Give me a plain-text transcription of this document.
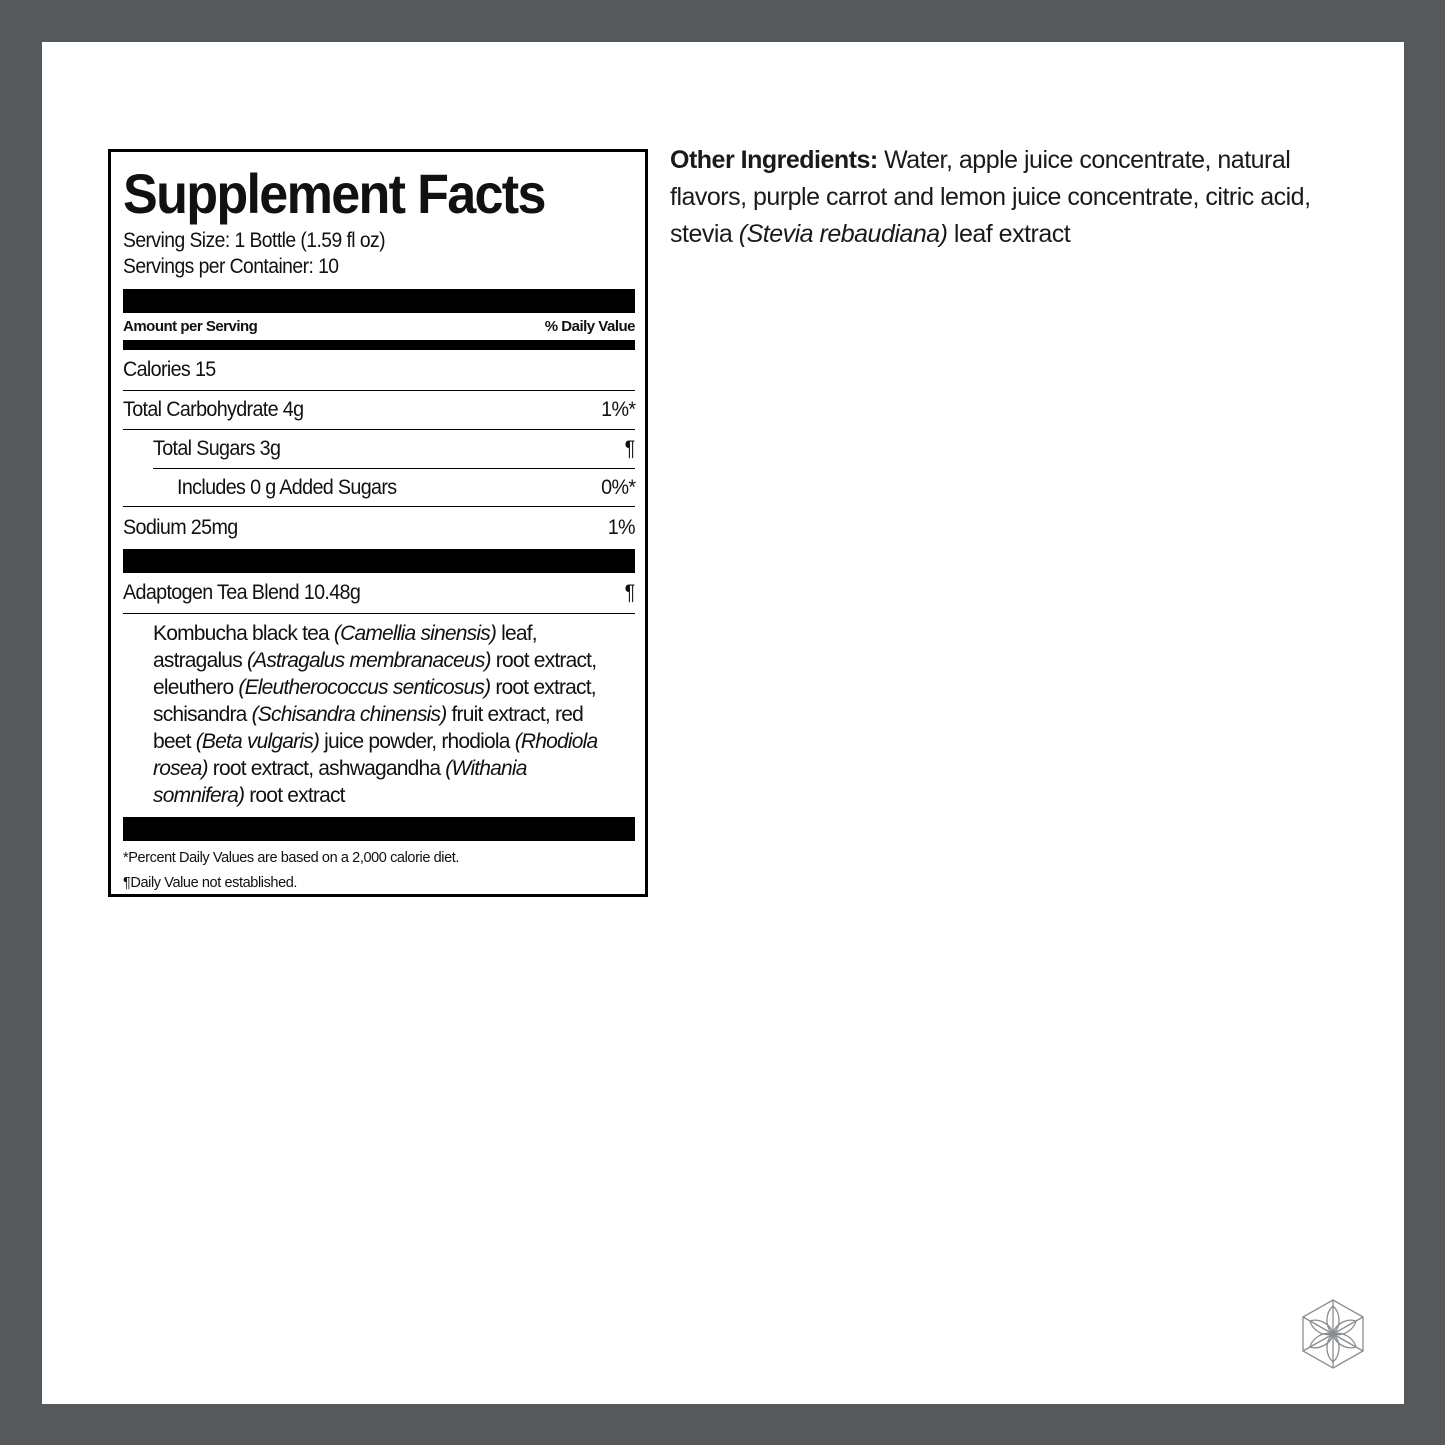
Supplement Facts
Serving Size: 1 Bottle (1.59 fl oz)
Servings per Container: 10
Amount per Serving	% Daily Value
Calories 15
Total Carbohydrate 4g	1%*
Total Sugars 3g	¶
Includes 0 g Added Sugars	0%*
Sodium 25mg	1%
Adaptogen Tea Blend 10.48g	¶
Kombucha black tea (Camellia sinensis) leaf,
astragalus (Astragalus membranaceus) root extract,
eleuthero (Eleutherococcus senticosus) root extract,
schisandra (Schisandra chinensis) fruit extract, red
beet (Beta vulgaris) juice powder, rhodiola (Rhodiola
rosea) root extract, ashwagandha (Withania
somnifera) root extract
*Percent Daily Values are based on a 2,000 calorie diet.
¶Daily Value not established.
Other Ingredients: Water, apple juice concentrate, natural flavors, purple carrot and lemon juice concentrate, citric acid, stevia (Stevia rebaudiana) leaf extract
